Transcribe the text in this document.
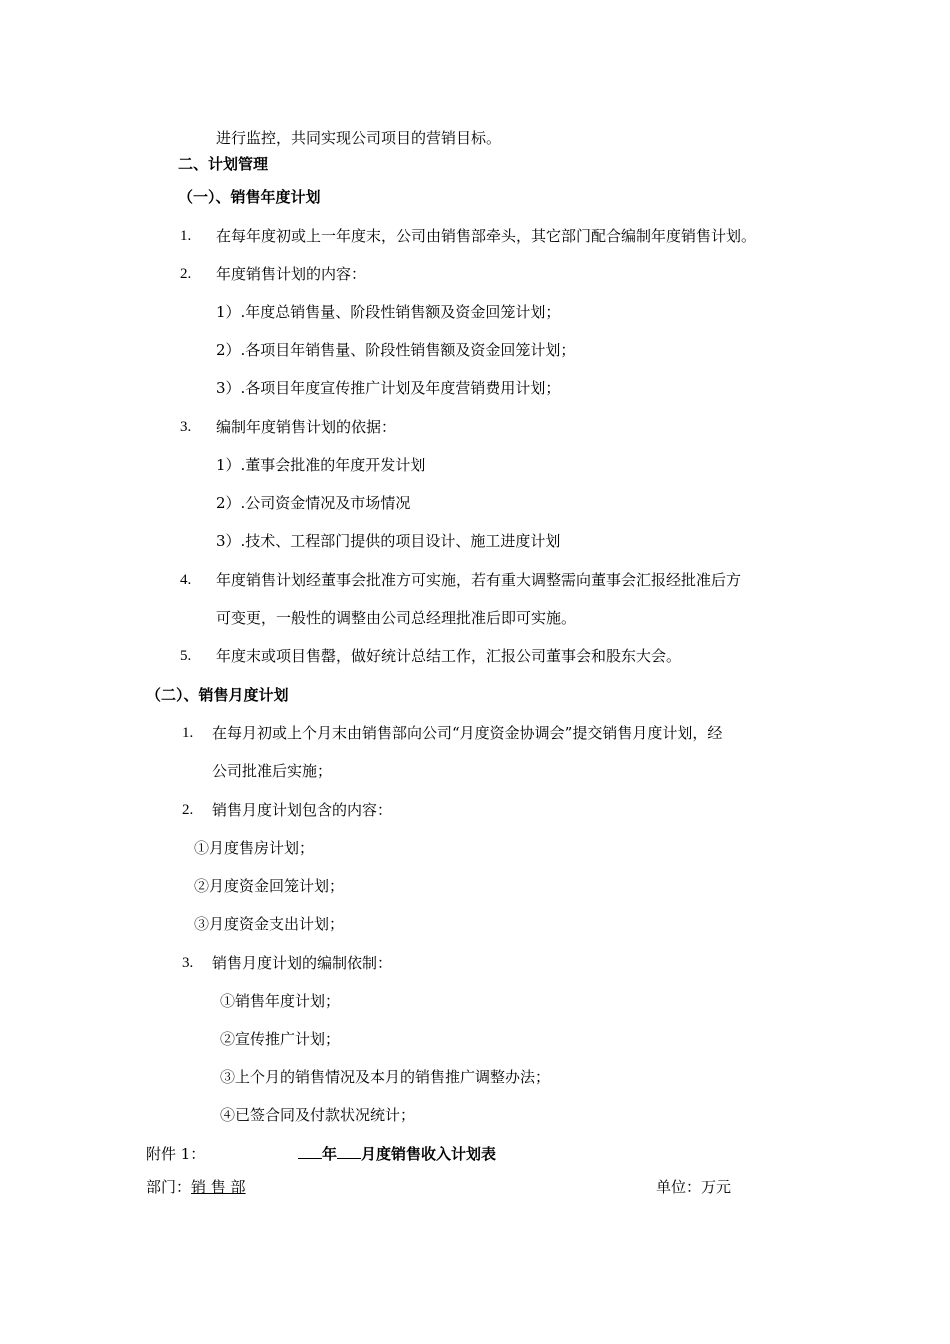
进行监控，共同实现公司项目的营销目标。
二、计划管理
（一）、销售年度计划
1. 在每年度初或上一年度末，公司由销售部牵头，其它部门配合编制年度销售计划。
2. 年度销售计划的内容：
1）.年度总销售量、阶段性销售额及资金回笼计划；
2）.各项目年销售量、阶段性销售额及资金回笼计划；
3）.各项目年度宣传推广计划及年度营销费用计划；
3. 编制年度销售计划的依据：
1）.董事会批准的年度开发计划
2）.公司资金情况及市场情况
3）.技术、工程部门提供的项目设计、施工进度计划
4. 年度销售计划经董事会批准方可实施，若有重大调整需向董事会汇报经批准后方
可变更，一般性的调整由公司总经理批准后即可实施。
5. 年度末或项目售罄，做好统计总结工作，汇报公司董事会和股东大会。
（二）、销售月度计划
1. 在每月初或上个月末由销售部向公司“月度资金协调会”提交销售月度计划，经
公司批准后实施；
2. 销售月度计划包含的内容：
①月度售房计划；
②月度资金回笼计划；
③月度资金支出计划；
3. 销售月度计划的编制依制：
①销售年度计划；
②宣传推广计划；
③上个月的销售情况及本月的销售推广调整办法；
④已签合同及付款状况统计；
附件 1：	年 月度销售收入计划表
部门：销 售 部	单位：万元
